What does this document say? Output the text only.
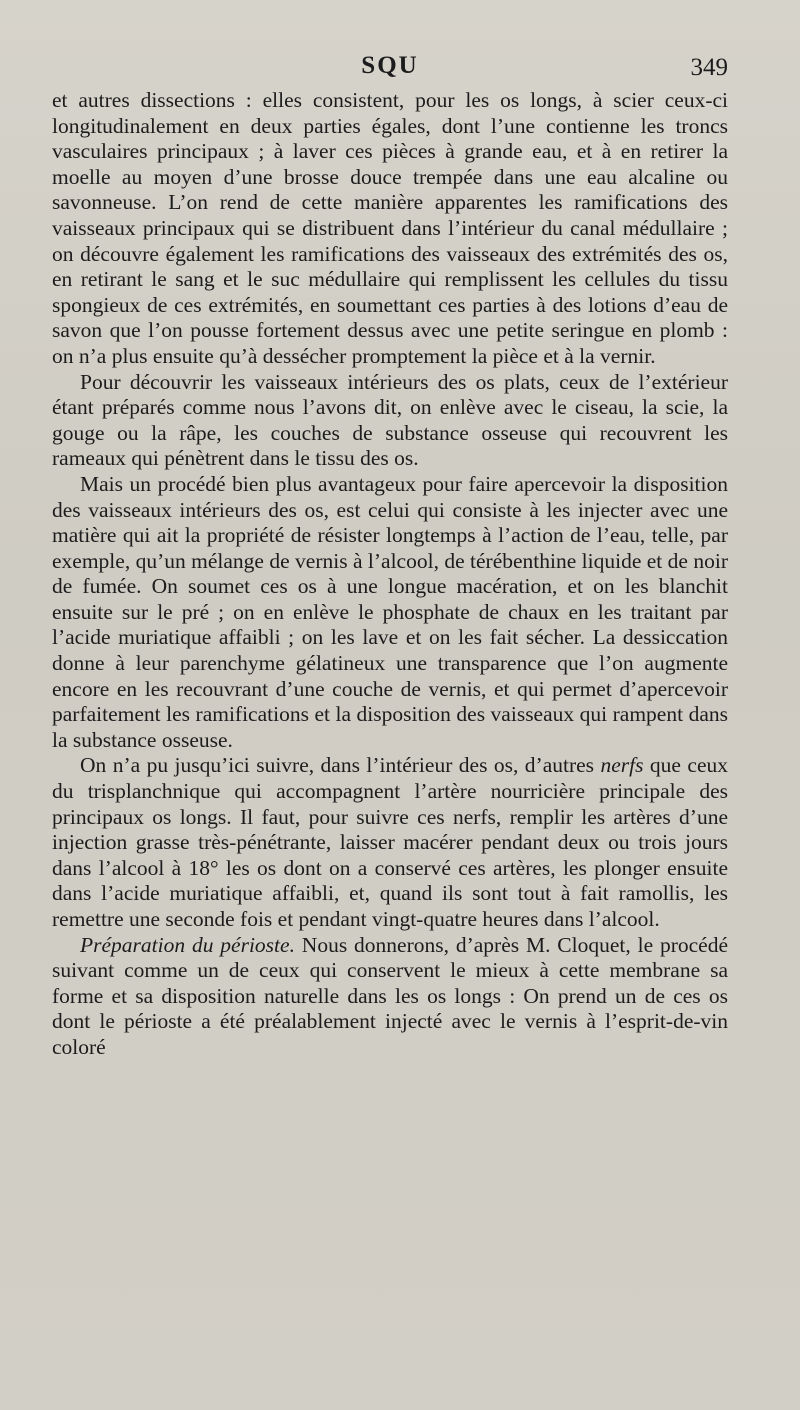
SQU	349

et autres dissections : elles consistent, pour les os longs, à scier ceux-ci longitudinalement en deux parties égales, dont l’une contienne les troncs vasculaires principaux ; à laver ces pièces à grande eau, et à en retirer la moelle au moyen d’une brosse douce trempée dans une eau alcaline ou savonneuse. L’on rend de cette manière apparentes les ramifications des vaisseaux principaux qui se distribuent dans l’intérieur du canal médullaire ; on découvre également les ramifications des vaisseaux des extrémités des os, en retirant le sang et le suc médullaire qui remplissent les cellules du tissu spongieux de ces extrémités, en soumettant ces parties à des lotions d’eau de savon que l’on pousse fortement dessus avec une petite seringue en plomb : on n’a plus ensuite qu’à dessécher promptement la pièce et à la vernir.

Pour découvrir les vaisseaux intérieurs des os plats, ceux de l’extérieur étant préparés comme nous l’avons dit, on enlève avec le ciseau, la scie, la gouge ou la râpe, les couches de substance osseuse qui recouvrent les rameaux qui pénètrent dans le tissu des os.

Mais un procédé bien plus avantageux pour faire apercevoir la disposition des vaisseaux intérieurs des os, est celui qui consiste à les injecter avec une matière qui ait la propriété de résister longtemps à l’action de l’eau, telle, par exemple, qu’un mélange de vernis à l’alcool, de térébenthine liquide et de noir de fumée. On soumet ces os à une longue macération, et on les blanchit ensuite sur le pré ; on en enlève le phosphate de chaux en les traitant par l’acide muriatique affaibli ; on les lave et on les fait sécher. La dessiccation donne à leur parenchyme gélatineux une transparence que l’on augmente encore en les recouvrant d’une couche de vernis, et qui permet d’apercevoir parfaitement les ramifications et la disposition des vaisseaux qui rampent dans la substance osseuse.

On n’a pu jusqu’ici suivre, dans l’intérieur des os, d’autres nerfs que ceux du trisplanchnique qui accompagnent l’artère nourricière principale des principaux os longs. Il faut, pour suivre ces nerfs, remplir les artères d’une injection grasse très-pénétrante, laisser macérer pendant deux ou trois jours dans l’alcool à 18° les os dont on a conservé ces artères, les plonger ensuite dans l’acide muriatique affaibli, et, quand ils sont tout à fait ramollis, les remettre une seconde fois et pendant vingt-quatre heures dans l’alcool.

Préparation du périoste. Nous donnerons, d’après M. Cloquet, le procédé suivant comme un de ceux qui conservent le mieux à cette membrane sa forme et sa disposition naturelle dans les os longs : On prend un de ces os dont le périoste a été préalablement injecté avec le vernis à l’esprit-de-vin coloré
